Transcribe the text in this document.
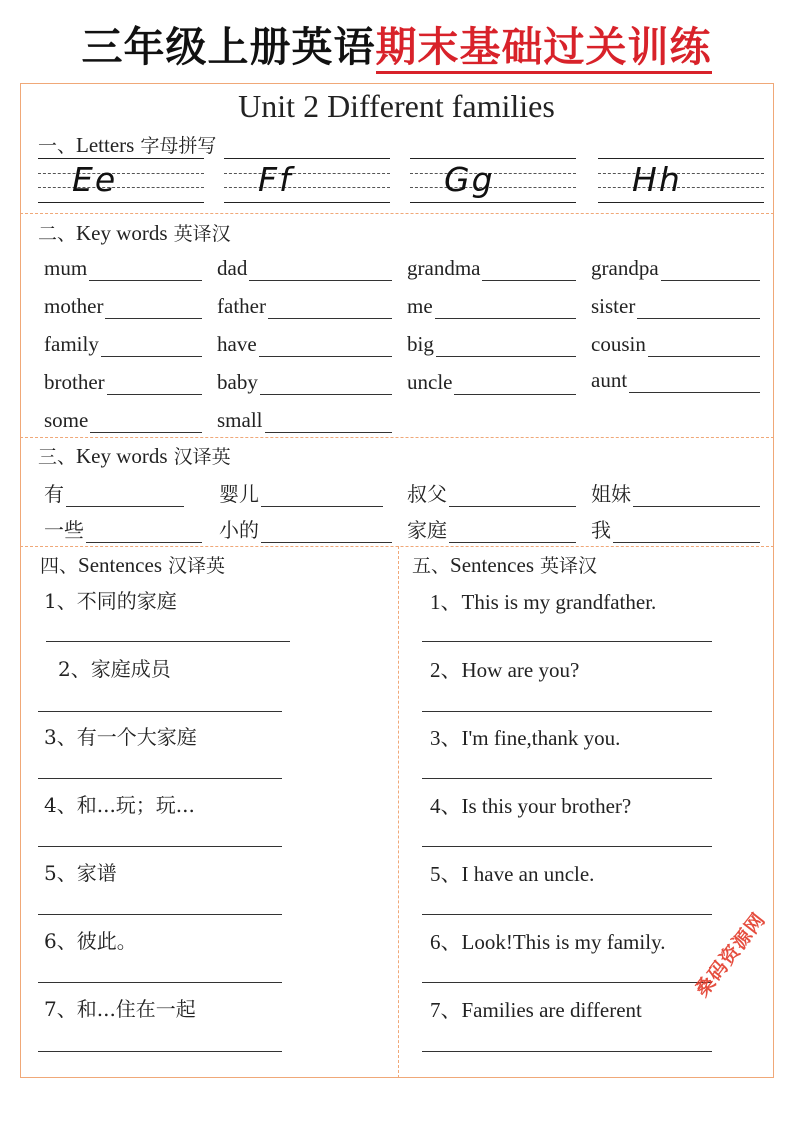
三年级上册英语期末基础过关训练
Unit 2 Different families
一、Letters 字母拼写
Ee	Ff	Gg	Hh
二、Key words 英译汉
mum	dad	grandma	grandpa
mother	father	me	sister
family	have	big	cousin
brother	baby	uncle	aunt
some	small
三、Key words 汉译英
有	婴儿	叔父	姐妹
一些	小的	家庭	我
四、Sentences 汉译英
1、不同的家庭
2、家庭成员
3、有一个大家庭
4、和...玩；玩...
5、家谱
6、彼此。
7、和...住在一起
五、Sentences 英译汉
1、This is my grandfather.
2、How are you?
3、I'm fine,thank you.
4、Is this your brother?
5、I have an uncle.
6、Look!This is my family.
7、Families are different
桑码资源网
